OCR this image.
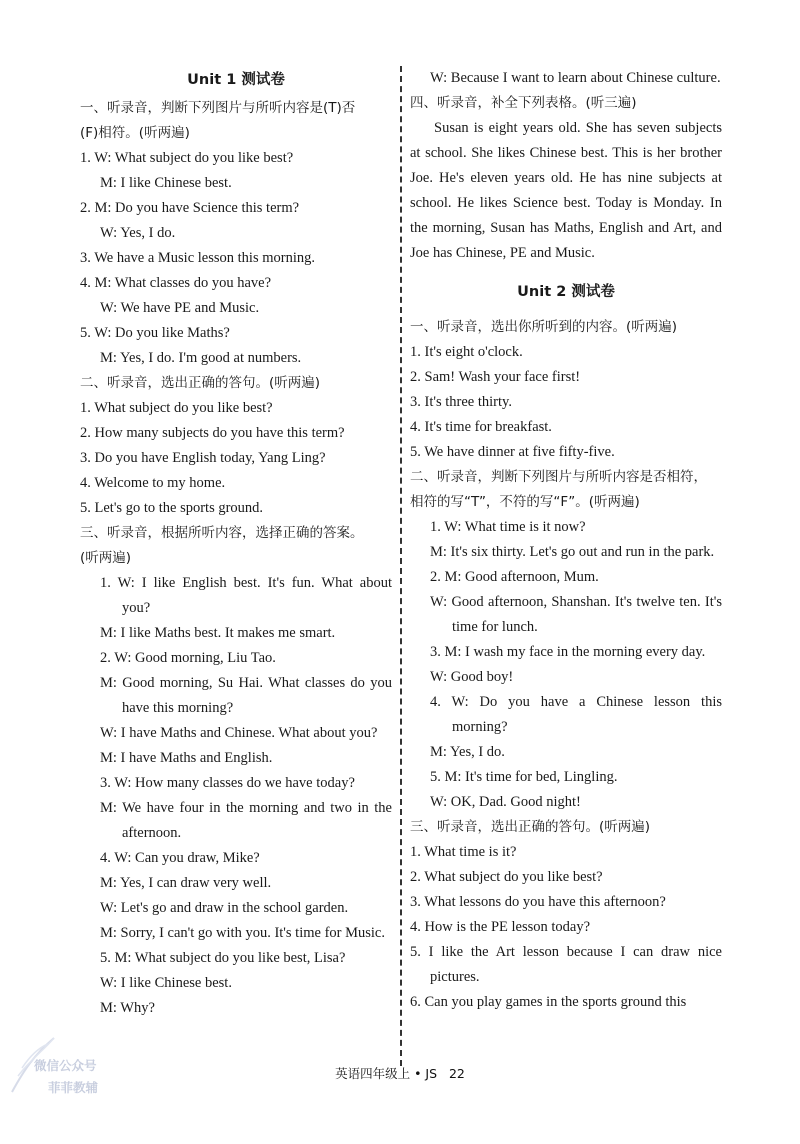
Unit 1 测试卷
一、听录音，判断下列图片与所听内容是(T)否
(F)相符。(听两遍)
1. W: What subject do you like best?
M: I like Chinese best.
2. M: Do you have Science this term?
W: Yes, I do.
3. We have a Music lesson this morning.
4. M: What classes do you have?
W: We have PE and Music.
5. W: Do you like Maths?
M: Yes, I do. I'm good at numbers.
二、听录音，选出正确的答句。(听两遍)
1. What subject do you like best?
2. How many subjects do you have this term?
3. Do you have English today, Yang Ling?
4. Welcome to my home.
5. Let's go to the sports ground.
三、听录音，根据所听内容，选择正确的答案。
(听两遍)
1. W: I like English best. It's fun. What about you?
M: I like Maths best. It makes me smart.
2. W: Good morning, Liu Tao.
M: Good morning, Su Hai. What classes do you have this morning?
W: I have Maths and Chinese. What about you?
M: I have Maths and English.
3. W: How many classes do we have today?
M: We have four in the morning and two in the afternoon.
4. W: Can you draw, Mike?
M: Yes, I can draw very well.
W: Let's go and draw in the school garden.
M: Sorry, I can't go with you. It's time for Music.
5. M: What subject do you like best, Lisa?
W: I like Chinese best.
M: Why?
W: Because I want to learn about Chinese culture.
四、听录音，补全下列表格。(听三遍)
Susan is eight years old. She has seven subjects at school. She likes Chinese best. This is her brother Joe. He's eleven years old. He has nine subjects at school. He likes Science best. Today is Monday. In the morning, Susan has Maths, English and Art, and Joe has Chinese, PE and Music.
Unit 2 测试卷
一、听录音，选出你所听到的内容。(听两遍)
1. It's eight o'clock.
2. Sam! Wash your face first!
3. It's three thirty.
4. It's time for breakfast.
5. We have dinner at five fifty-five.
二、听录音，判断下列图片与所听内容是否相符，
相符的写“T”，不符的写“F”。(听两遍)
1. W: What time is it now?
M: It's six thirty. Let's go out and run in the park.
2. M: Good afternoon, Mum.
W: Good afternoon, Shanshan. It's twelve ten. It's time for lunch.
3. M: I wash my face in the morning every day.
W: Good boy!
4. W: Do you have a Chinese lesson this morning?
M: Yes, I do.
5. M: It's time for bed, Lingling.
W: OK, Dad. Good night!
三、听录音，选出正确的答句。(听两遍)
1. What time is it?
2. What subject do you like best?
3. What lessons do you have this afternoon?
4. How is the PE lesson today?
5. I like the Art lesson because I can draw nice pictures.
6. Can you play games in the sports ground this
微信公众号
菲菲教辅
英语四年级上 • JS   22
